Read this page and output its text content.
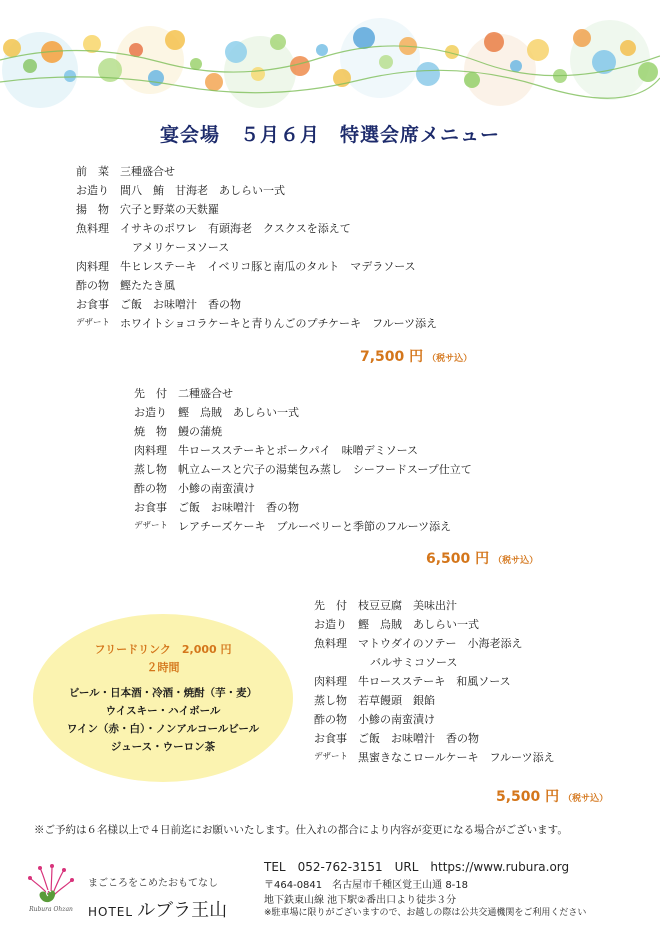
宴会場　５月６月　特選会席メニュー
前　菜 三種盛合せ
お造り 間八　鮪　甘海老　あしらい一式
揚　物 穴子と野菜の天麩羅
魚料理 イサキのポワレ　有頭海老　クスクスを添えて
アメリケーヌソース
肉料理 牛ヒレステーキ　イベリコ豚と南瓜のタルト　マデラソース
酢の物 鰹たたき風
お食事 ご飯　お味噌汁　香の物
デザート ホワイトショコラケーキと青りんごのプチケーキ　フルーツ添え
7,500 円 （税サ込）
先　付 二種盛合せ
お造り 鰹　烏賊　あしらい一式
焼　物 鰻の蒲焼
肉料理 牛ロースステーキとポークパイ　味噌デミソース
蒸し物 帆立ムースと穴子の湯葉包み蒸し　シーフードスープ仕立て
酢の物 小鯵の南蛮漬け
お食事 ご飯　お味噌汁　香の物
デザート レアチーズケーキ　ブルーベリーと季節のフルーツ添え
6,500 円 （税サ込）
先　付 枝豆豆腐　美味出汁
お造り 鰹　烏賊　あしらい一式
魚料理 マトウダイのソテー　小海老添え
バルサミコソース
肉料理 牛ロースステーキ　和風ソース
蒸し物 若草饅頭　銀餡
酢の物 小鯵の南蛮漬け
お食事 ご飯　お味噌汁　香の物
デザート 黒蜜きなこロールケーキ　フルーツ添え
5,500 円 （税サ込）
フリードリンク　2,000 円
２時間
ビール・日本酒・冷酒・焼酎（芋・麦）
ウイスキー・ハイボール
ワイン（赤・白）・ノンアルコールビール
ジュース・ウーロン茶
※ご予約は６名様以上で４日前迄にお願いいたします。仕入れの都合により内容が変更になる場合がございます。
Rubura Ohzan
まごころをこめたおもてなし
HOTEL ルブラ王山
TEL　052-762-3151　URL　https://www.rubura.org
〒464-0841　名古屋市千種区覚王山通 8-18
地下鉄東山線 池下駅②番出口より徒歩３分
※駐車場に限りがございますので、お越しの際は公共交通機関をご利用ください
